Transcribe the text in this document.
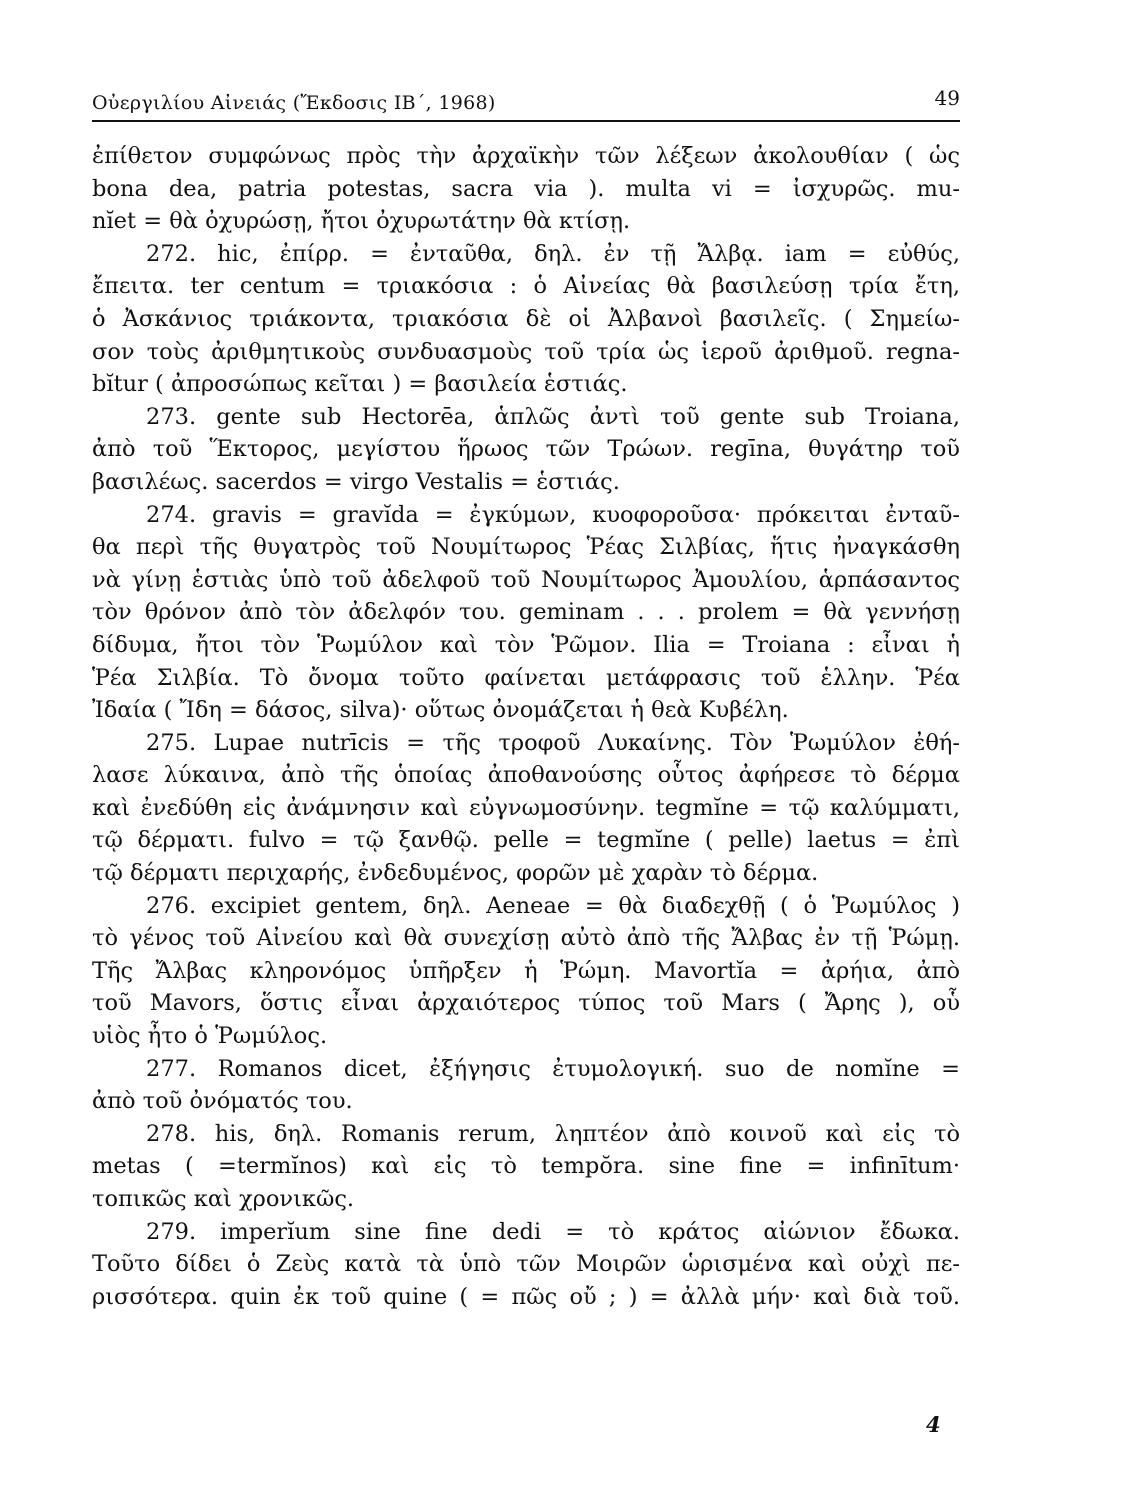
Οὐεργιλίου Αἰνειάς (Ἔκδοσις ΙΒ΄, 1968)	49
ἐπίθετον συμφώνως πρὸς τὴν ἀρχαϊκὴν τῶν λέξεων ἀκολουθίαν ( ὡς
bona dea, patria potestas, sacra via ). multa vi = ἰσχυρῶς. mu-
nĭet = θὰ ὀχυρώσῃ, ἤτοι ὀχυρωτάτην θὰ κτίσῃ.
272. hic, ἐπίρρ. = ἐνταῦθα, δηλ. ἐν τῇ Ἄλβᾳ. iam = εὐθύς,
ἔπειτα. ter centum = τριακόσια : ὁ Αἰνείας θὰ βασιλεύσῃ τρία ἔτη,
ὁ Ἀσκάνιος τριάκοντα, τριακόσια δὲ οἱ Ἀλβανοὶ βασιλεῖς. ( Σημείω-
σον τοὺς ἀριθμητικοὺς συνδυασμοὺς τοῦ τρία ὡς ἱεροῦ ἀριθμοῦ. regna-
bĭtur ( ἀπροσώπως κεῖται ) = βασιλεία ἑστιάς.
273. gente sub Hectorēa, ἁπλῶς ἀντὶ τοῦ gente sub Troiana,
ἀπὸ τοῦ Ἕκτορος, μεγίστου ἥρωος τῶν Τρώων. regīna, θυγάτηρ τοῦ
βασιλέως. sacerdos = virgo Vestalis = ἑστιάς.
274. gravis = gravĭda = ἐγκύμων, κυοφοροῦσα· πρόκειται ἐνταῦ-
θα περὶ τῆς θυγατρὸς τοῦ Νουμίτωρος Ῥέας Σιλβίας, ἥτις ἠναγκάσθη
νὰ γίνῃ ἑστιὰς ὑπὸ τοῦ ἀδελφοῦ τοῦ Νουμίτωρος Ἀμουλίου, ἁρπάσαντος
τὸν θρόνον ἀπὸ τὸν ἀδελφόν του. geminam . . . prolem = θὰ γεννήσῃ
δίδυμα, ἤτοι τὸν Ῥωμύλον καὶ τὸν Ῥῶμον. Ilia = Troiana : εἶναι ἡ
Ῥέα Σιλβία. Τὸ ὄνομα τοῦτο φαίνεται μετάφρασις τοῦ ἑλλην. Ῥέα
Ἰδαία ( Ἴδη = δάσος, silva)· οὕτως ὀνομάζεται ἡ θεὰ Κυβέλη.
275. Lupae nutrīcis = τῆς τροφοῦ Λυκαίνης. Τὸν Ῥωμύλον ἐθή-
λασε λύκαινα, ἀπὸ τῆς ὁποίας ἀποθανούσης οὗτος ἀφήρεσε τὸ δέρμα
καὶ ἐνεδύθη εἰς ἀνάμνησιν καὶ εὐγνωμοσύνην. tegmĭne = τῷ καλύμματι,
τῷ δέρματι. fulvo = τῷ ξανθῷ. pelle = tegmĭne ( pelle) laetus = ἐπὶ
τῷ δέρματι περιχαρής, ἐνδεδυμένος, φορῶν μὲ χαρὰν τὸ δέρμα.
276. excipiet gentem, δηλ. Aeneae = θὰ διαδεχθῇ ( ὁ Ῥωμύλος )
τὸ γένος τοῦ Αἰνείου καὶ θὰ συνεχίσῃ αὐτὸ ἀπὸ τῆς Ἄλβας ἐν τῇ Ῥώμῃ.
Τῆς Ἄλβας κληρονόμος ὑπῆρξεν ἡ Ῥώμη. Mavortĭa = ἀρήια, ἀπὸ
τοῦ Mavors, ὅστις εἶναι ἀρχαιότερος τύπος τοῦ Mars ( Ἄρης ), οὗ
υἱὸς ἦτο ὁ Ῥωμύλος.
277. Romanos dicet, ἐξήγησις ἐτυμολογική. suo de nomĭne =
ἀπὸ τοῦ ὀνόματός του.
278. his, δηλ. Romanis rerum, ληπτέον ἀπὸ κοινοῦ καὶ εἰς τὸ
metas ( =termĭnos) καὶ εἰς τὸ tempŏra. sine fine = infinītum·
τοπικῶς καὶ χρονικῶς.
279. imperĭum sine fine dedi = τὸ κράτος αἰώνιον ἔδωκα.
Τοῦτο δίδει ὁ Ζεὺς κατὰ τὰ ὑπὸ τῶν Μοιρῶν ὡρισμένα καὶ οὐχὶ πε-
ρισσότερα. quin ἐκ τοῦ quine ( = πῶς οὔ ; ) = ἀλλὰ μήν· καὶ διὰ τοῦ.
4
